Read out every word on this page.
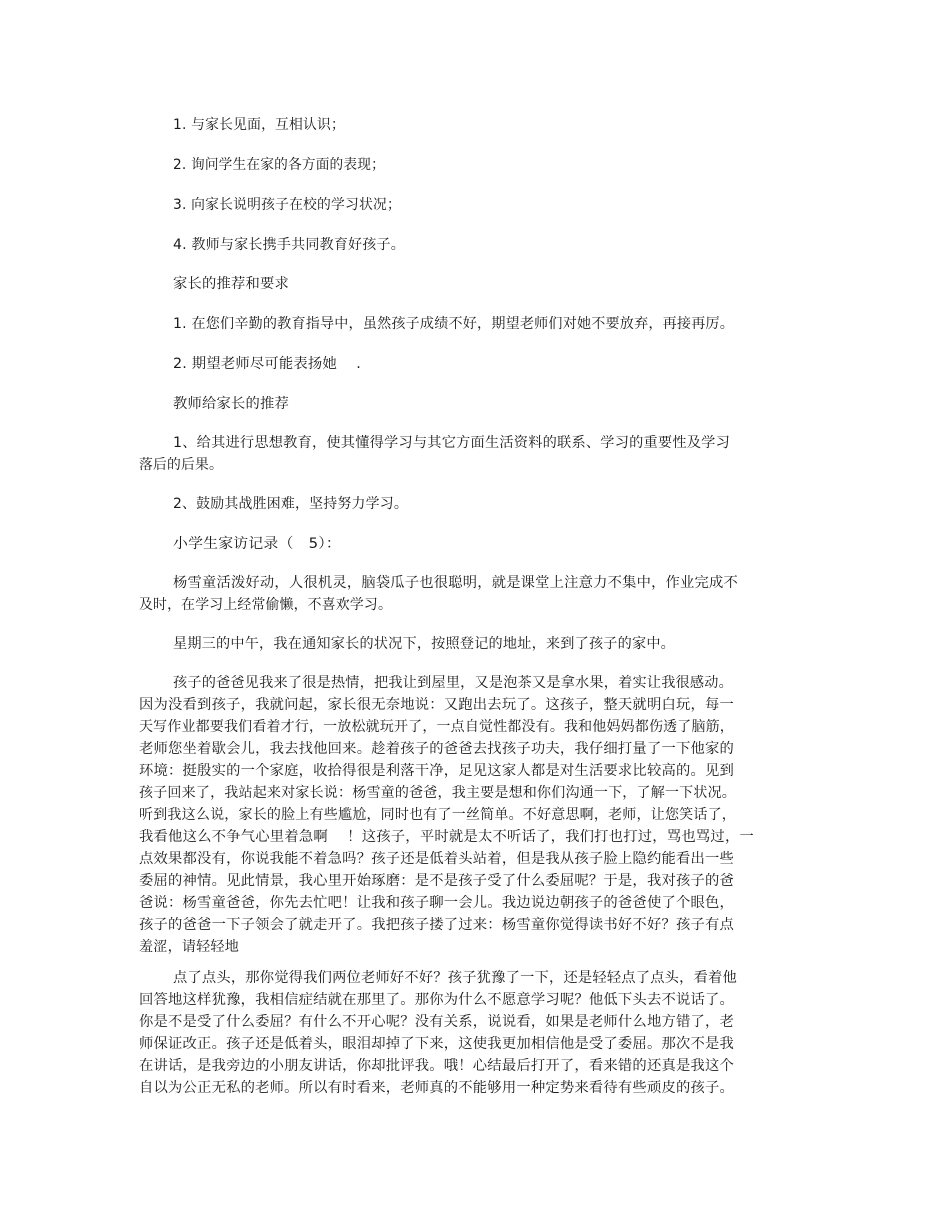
1. 与家长见面，互相认识；
2. 询问学生在家的各方面的表现；
3. 向家长说明孩子在校的学习状况；
4. 教师与家长携手共同教育好孩子。
家长的推荐和要求
1. 在您们辛勤的教育指导中，虽然孩子成绩不好，期望老师们对她不要放弃，再接再厉。
2. 期望老师尽可能表扬她　 .
教师给家长的推荐
1、给其进行思想教育，使其懂得学习与其它方面生活资料的联系、学习的重要性及学习
落后的后果。
2、鼓励其战胜困难，坚持努力学习。
小学生家访记录（　5）：
杨雪童活泼好动，人很机灵，脑袋瓜子也很聪明，就是课堂上注意力不集中，作业完成不
及时，在学习上经常偷懒，不喜欢学习。
星期三的中午，我在通知家长的状况下，按照登记的地址，来到了孩子的家中。
孩子的爸爸见我来了很是热情，把我让到屋里，又是泡茶又是拿水果，着实让我很感动。
因为没看到孩子，我就问起，家长很无奈地说：又跑出去玩了。这孩子，整天就明白玩，每一
天写作业都要我们看着才行，一放松就玩开了，一点自觉性都没有。我和他妈妈都伤透了脑筋，
老师您坐着歇会儿，我去找他回来。趁着孩子的爸爸去找孩子功夫，我仔细打量了一下他家的
环境：挺殷实的一个家庭，收拾得很是利落干净，足见这家人都是对生活要求比较高的。见到
孩子回来了，我站起来对家长说：杨雪童的爸爸，我主要是想和你们沟通一下，了解一下状况。
听到我这么说，家长的脸上有些尴尬，同时也有了一丝简单。不好意思啊，老师，让您笑话了，
我看他这么不争气心里着急啊　 ！这孩子，平时就是太不听话了，我们打也打过，骂也骂过，一
点效果都没有，你说我能不着急吗？孩子还是低着头站着，但是我从孩子脸上隐约能看出一些
委屈的神情。见此情景，我心里开始琢磨：是不是孩子受了什么委屈呢？于是，我对孩子的爸
爸说：杨雪童爸爸，你先去忙吧！让我和孩子聊一会儿。我边说边朝孩子的爸爸使了个眼色，
孩子的爸爸一下子领会了就走开了。我把孩子搂了过来：杨雪童你觉得读书好不好？孩子有点
羞涩，请轻轻地
点了点头，那你觉得我们两位老师好不好？孩子犹豫了一下，还是轻轻点了点头，看着他
回答地这样犹豫，我相信症结就在那里了。那你为什么不愿意学习呢？他低下头去不说话了。
你是不是受了什么委屈？有什么不开心呢？没有关系，说说看，如果是老师什么地方错了，老
师保证改正。孩子还是低着头，眼泪却掉了下来，这使我更加相信他是受了委屈。那次不是我
在讲话，是我旁边的小朋友讲话，你却批评我。哦！心结最后打开了，看来错的还真是我这个
自以为公正无私的老师。所以有时看来，老师真的不能够用一种定势来看待有些顽皮的孩子。
